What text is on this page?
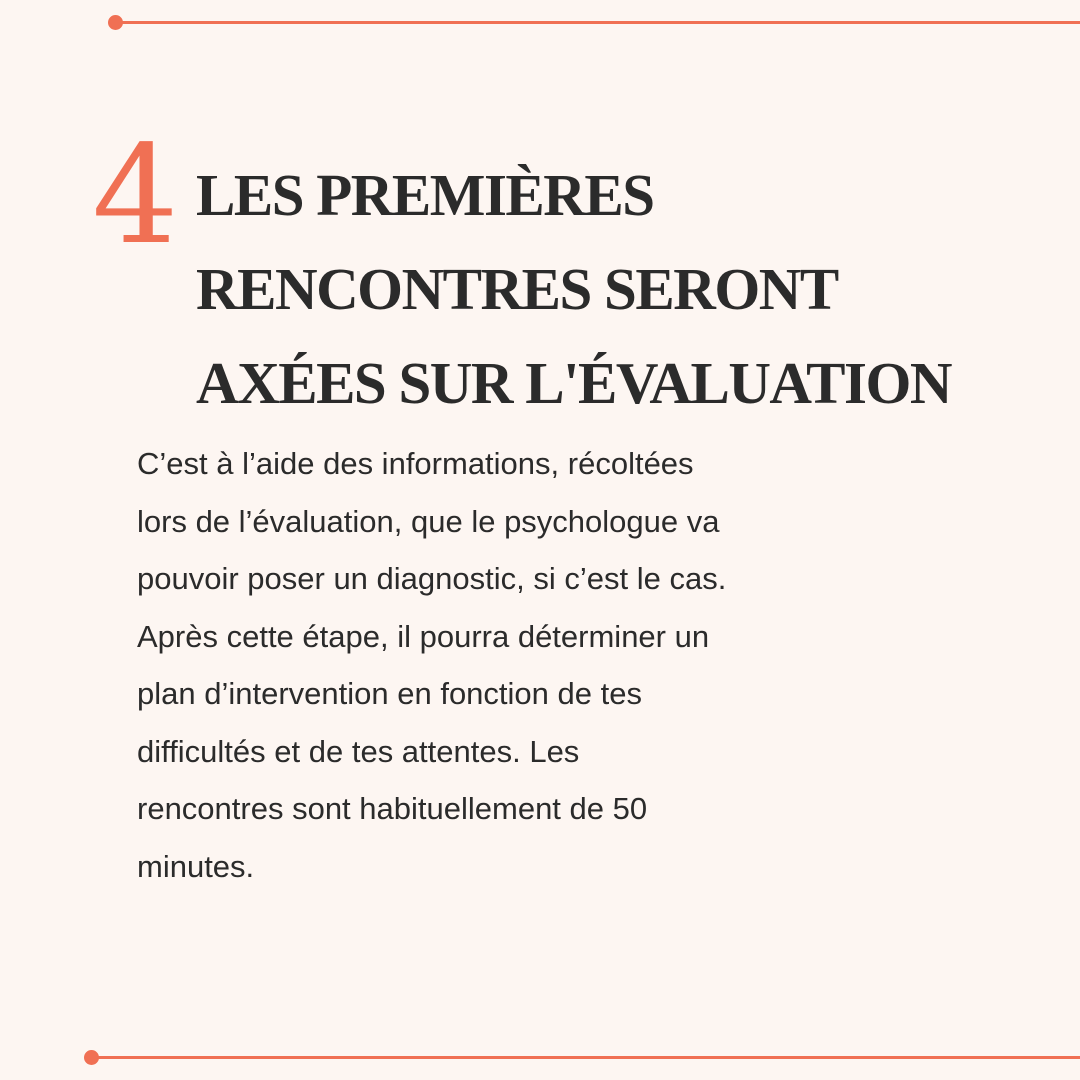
4 LES PREMIÈRES
RENCONTRES SERONT
AXÉES SUR L'ÉVALUATION

C’est à l’aide des informations, récoltées
lors de l’évaluation, que le psychologue va
pouvoir poser un diagnostic, si c’est le cas.
Après cette étape, il pourra déterminer un
plan d’intervention en fonction de tes
difficultés et de tes attentes. Les
rencontres sont habituellement de 50
minutes.
